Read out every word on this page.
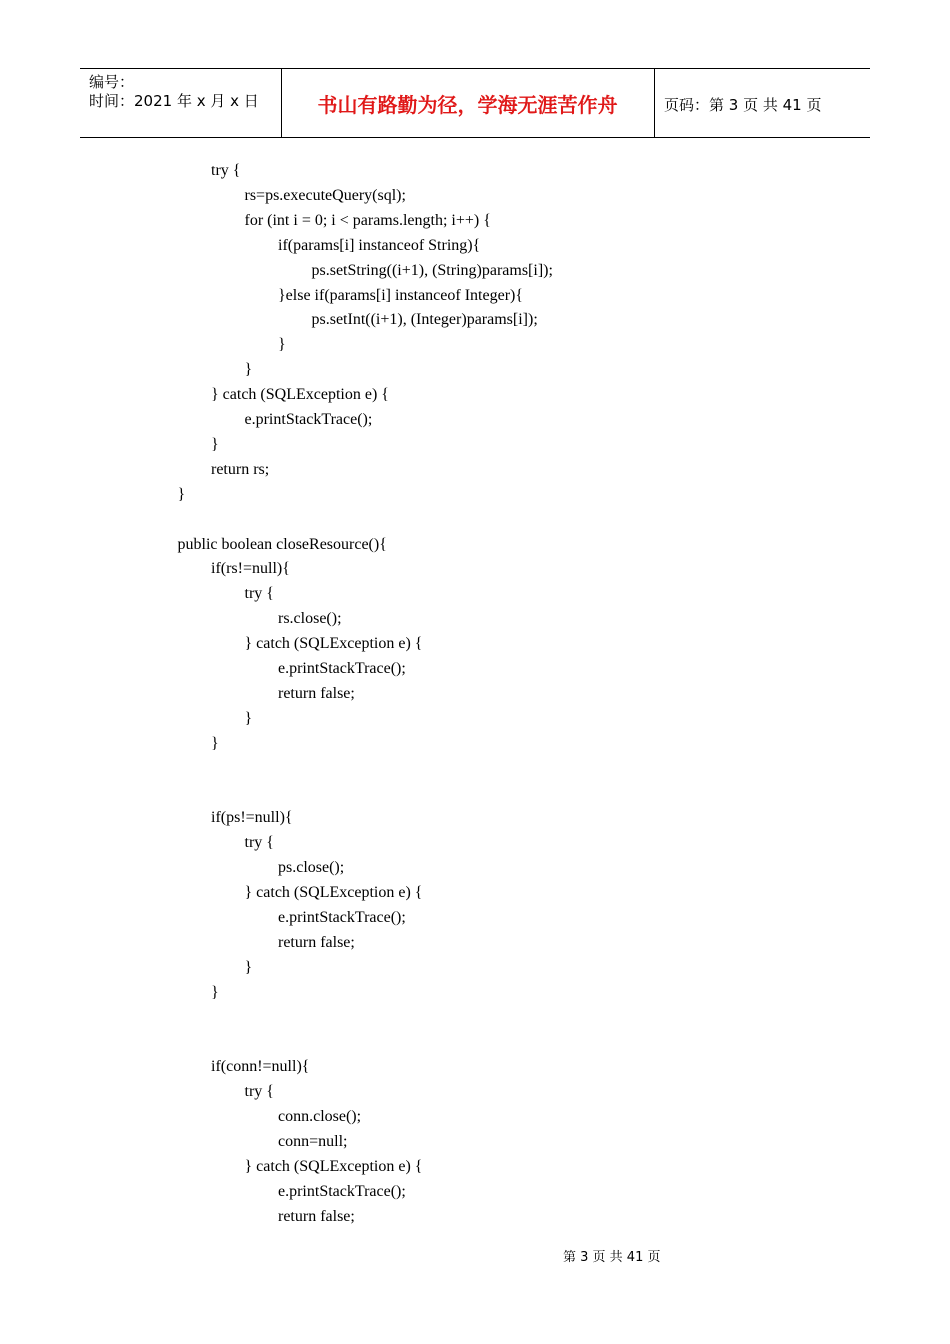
编号：
时间：2021 年 x 月 x 日	书山有路勤为径，学海无涯苦作舟	页码：第 3 页 共 41 页
try {
rs=ps.executeQuery(sql);
for (int i = 0; i < params.length; i++) {
if(params[i] instanceof String){
ps.setString((i+1), (String)params[i]);
}else if(params[i] instanceof Integer){
ps.setInt((i+1), (Integer)params[i]);
}
}
} catch (SQLException e) {
e.printStackTrace();
}
return rs;
}
public boolean closeResource(){
if(rs!=null){
try {
rs.close();
} catch (SQLException e) {
e.printStackTrace();
return false;
}
}
if(ps!=null){
try {
ps.close();
} catch (SQLException e) {
e.printStackTrace();
return false;
}
}
if(conn!=null){
try {
conn.close();
conn=null;
} catch (SQLException e) {
e.printStackTrace();
return false;
第 3 页 共 41 页
